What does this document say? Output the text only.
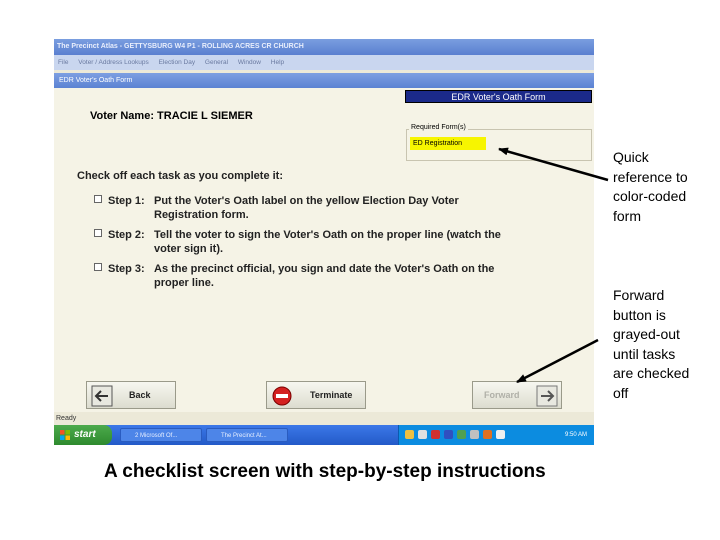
The Precinct Atlas - GETTYSBURG W4 P1 - ROLLING ACRES CR CHURCH
File Voter / Address Lookups Election Day General Window Help
EDR Voter's Oath Form
EDR Voter's Oath Form
Voter Name: TRACIE L SIEMER
Required Form(s)
ED Registration
Check off each task as you complete it:
Step 1: Put the Voter's Oath label on the yellow Election Day Voter Registration form.
Step 2: Tell the voter to sign the Voter's Oath on the proper line (watch the voter sign it).
Step 3: As the precinct official, you sign and date the Voter's Oath on the proper line.
Back	Terminate	Forward
Ready
start	2 Microsoft Of...	The Precinct At...	9:50 AM
Quick
reference to
color-coded
form
Forward
button is
grayed-out
until tasks
are checked
off
A checklist screen with step-by-step instructions
